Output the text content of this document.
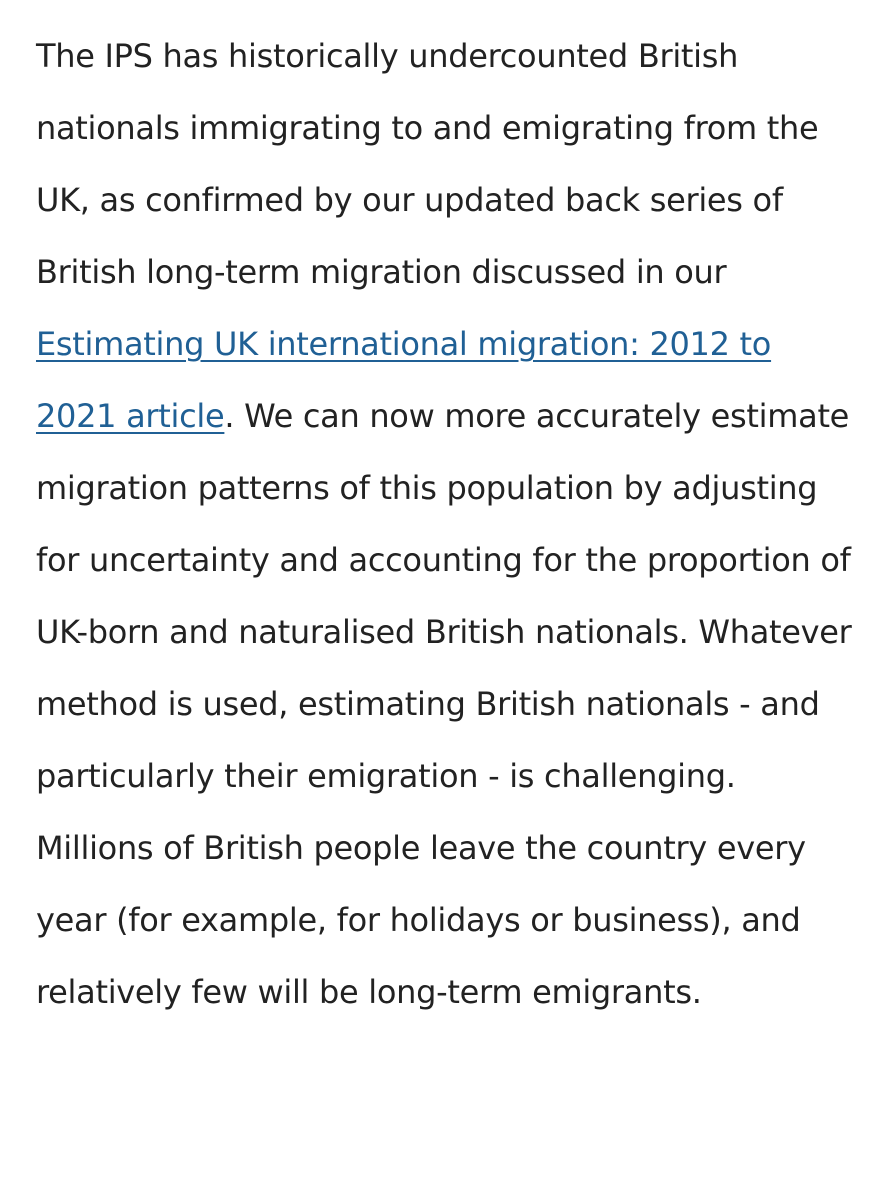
The IPS has historically undercounted British nationals immigrating to and emigrating from the UK, as confirmed by our updated back series of British long-term migration discussed in our Estimating UK international migration: 2012 to 2021 article. We can now more accurately estimate migration patterns of this population by adjusting for uncertainty and accounting for the proportion of UK-born and naturalised British nationals. Whatever method is used, estimating British nationals - and particularly their emigration - is challenging. Millions of British people leave the country every year (for example, for holidays or business), and relatively few will be long-term emigrants.
